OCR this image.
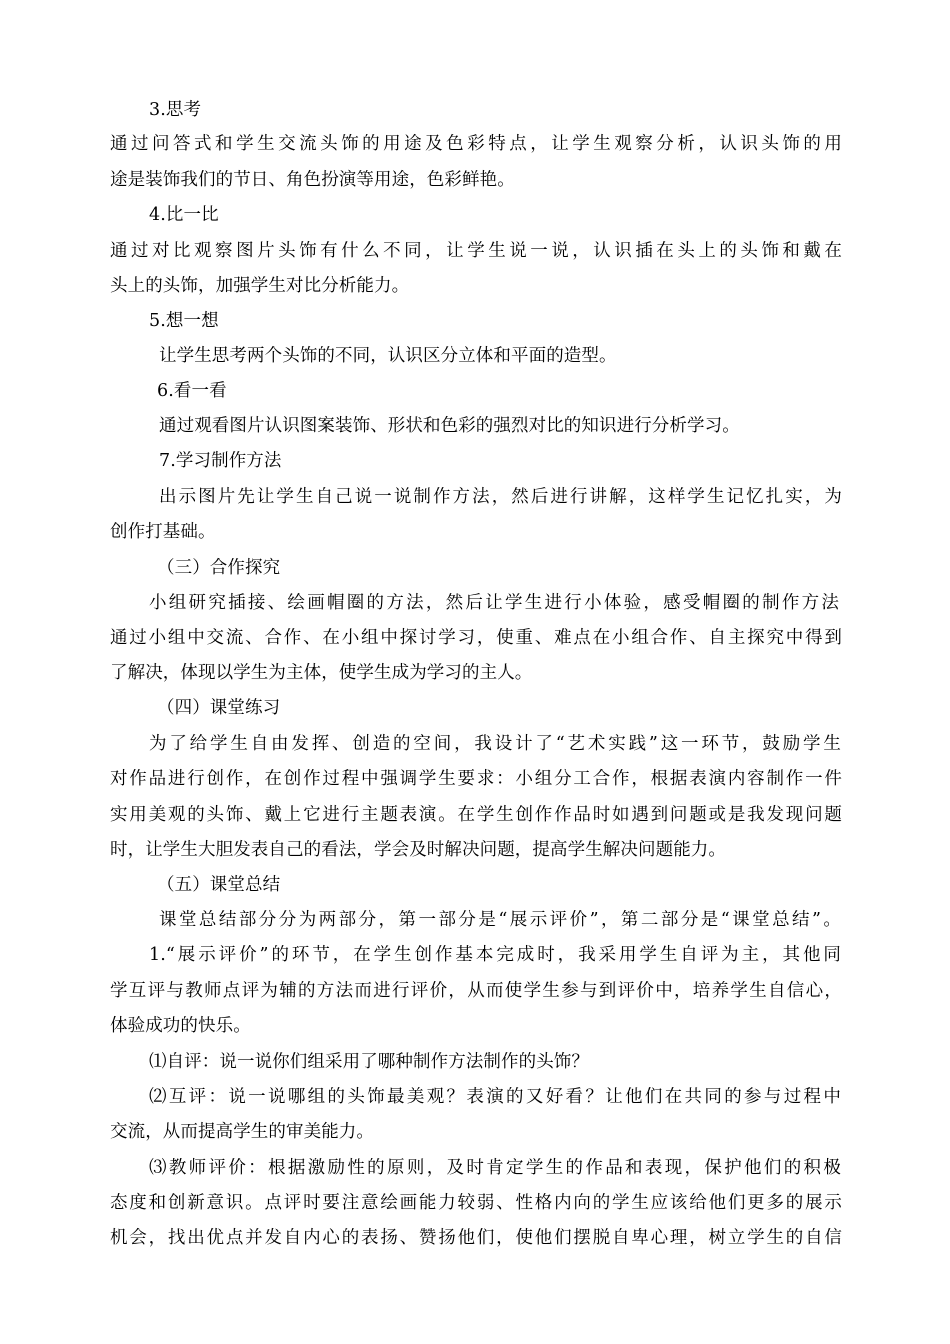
3.思考
通过问答式和学生交流头饰的用途及色彩特点，让学生观察分析，认识头饰的用
途是装饰我们的节日、角色扮演等用途，色彩鲜艳。
4.比一比
通过对比观察图片头饰有什么不同，让学生说一说，认识插在头上的头饰和戴在
头上的头饰，加强学生对比分析能力。
5.想一想
让学生思考两个头饰的不同，认识区分立体和平面的造型。
6.看一看
通过观看图片认识图案装饰、形状和色彩的强烈对比的知识进行分析学习。
7.学习制作方法
出示图片先让学生自己说一说制作方法，然后进行讲解，这样学生记忆扎实，为
创作打基础。
（三）合作探究
小组研究插接、绘画帽圈的方法，然后让学生进行小体验，感受帽圈的制作方法
通过小组中交流、合作、在小组中探讨学习，使重、难点在小组合作、自主探究中得到
了解决，体现以学生为主体，使学生成为学习的主人。
（四）课堂练习
为了给学生自由发挥、创造的空间，我设计了“艺术实践”这一环节，鼓励学生
对作品进行创作，在创作过程中强调学生要求：小组分工合作，根据表演内容制作一件
实用美观的头饰、戴上它进行主题表演。在学生创作作品时如遇到问题或是我发现问题
时，让学生大胆发表自己的看法，学会及时解决问题，提高学生解决问题能力。
（五）课堂总结
课堂总结部分分为两部分，第一部分是“展示评价”，第二部分是“课堂总结”。
1.“展示评价”的环节，在学生创作基本完成时，我采用学生自评为主，其他同
学互评与教师点评为辅的方法而进行评价，从而使学生参与到评价中，培养学生自信心，
体验成功的快乐。
⑴自评：说一说你们组采用了哪种制作方法制作的头饰？
⑵互评：说一说哪组的头饰最美观？表演的又好看？让他们在共同的参与过程中
交流，从而提高学生的审美能力。
⑶教师评价：根据激励性的原则，及时肯定学生的作品和表现，保护他们的积极
态度和创新意识。点评时要注意绘画能力较弱、性格内向的学生应该给他们更多的展示
机会，找出优点并发自内心的表扬、赞扬他们，使他们摆脱自卑心理，树立学生的自信
